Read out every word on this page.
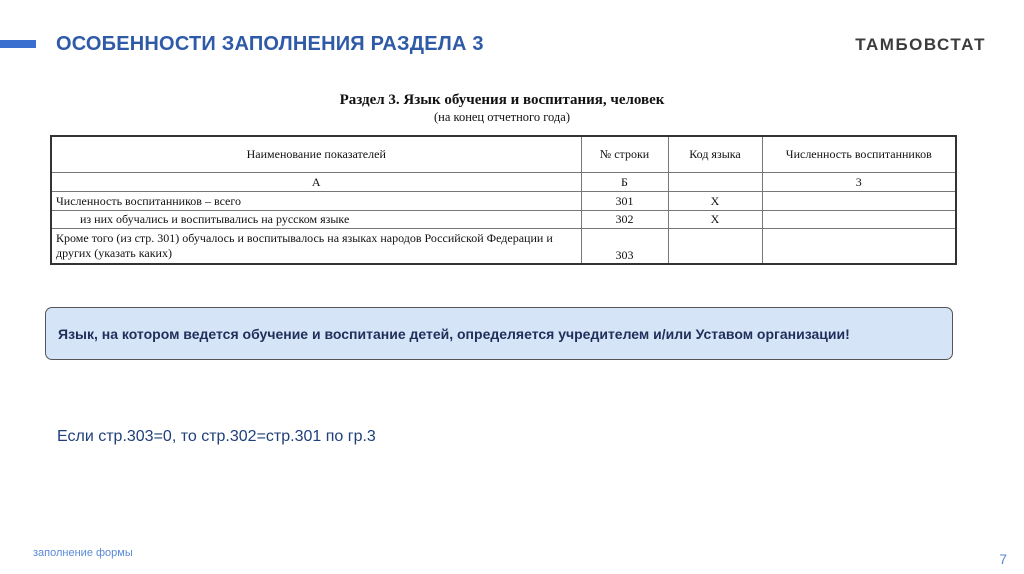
ОСОБЕННОСТИ ЗАПОЛНЕНИЯ РАЗДЕЛА 3	ТАМБОВСТАТ
Раздел 3. Язык обучения и воспитания, человек
(на конец отчетного года)
Наименование показателей	№ строки	Код языка	Численность воспитанников
А	Б		3
Численность воспитанников – всего	301	Х	
из них обучались и воспитывались на русском языке	302	Х	
Кроме того (из стр. 301) обучалось и воспитывалось на языках народов Российской Федерации и других (указать каких)	303		
Язык, на котором ведется обучение и воспитание детей, определяется учредителем и/или Уставом организации!
Если стр.303=0, то стр.302=стр.301 по гр.3
заполнение формы	7
